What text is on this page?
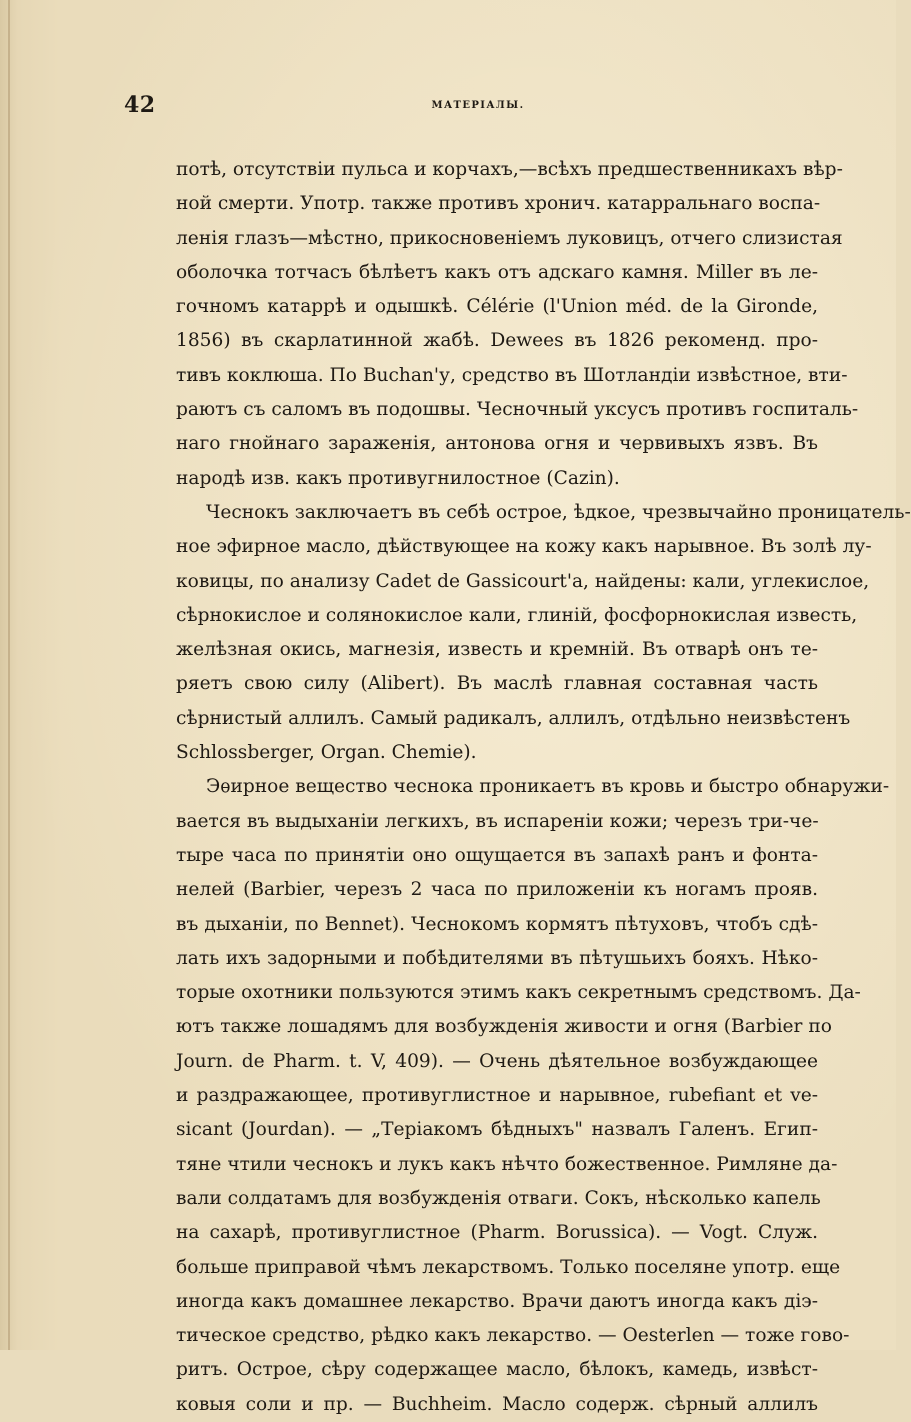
42	МАТЕРІАЛЫ.
потѣ, отсутствіи пульса и корчахъ,—всѣхъ предшественникахъ вѣр-
ной смерти. Употр. также противъ хронич. катарральнаго воспа-
ленія глазъ—мѣстно, прикосновеніемъ луковицъ, отчего слизистая
оболочка тотчасъ бѣлѣетъ какъ отъ адскаго камня. Miller въ ле-
гочномъ катаррѣ и одышкѣ. Célérie (l'Union méd. de la Gironde,
1856) въ скарлатинной жабѣ. Dewees въ 1826 рекоменд. про-
тивъ коклюша. По Buchan'у, средство въ Шотландіи извѣстное, вти-
раютъ съ саломъ въ подошвы. Чесночный уксусъ противъ госпиталь-
наго гнойнаго зараженія, антонова огня и червивыхъ язвъ. Въ
народѣ изв. какъ противугнилостное (Cazin).
Чеснокъ заключаетъ въ себѣ острое, ѣдкое, чрезвычайно проницатель-
ное эфирное масло, дѣйствующее на кожу какъ нарывное. Въ золѣ лу-
ковицы, по анализу Cadet de Gassicourt'а, найдены: кали, углекислое,
сѣрнокислое и солянокислое кали, глиній, фосфорнокислая известь,
желѣзная окись, магнезія, известь и кремній. Въ отварѣ онъ те-
ряетъ свою силу (Alibert). Въ маслѣ главная составная часть
сѣрнистый аллилъ. Самый радикалъ, аллилъ, отдѣльно неизвѣстенъ
Schlossberger, Organ. Chemie).
Эѳирное вещество чеснока проникаетъ въ кровь и быстро обнаружи-
вается въ выдыханіи легкихъ, въ испареніи кожи; черезъ три-че-
тыре часа по принятіи оно ощущается въ запахѣ ранъ и фонта-
нелей (Barbier, черезъ 2 часа по приложеніи къ ногамъ прояв.
въ дыханіи, по Bennet). Чеснокомъ кормятъ пѣтуховъ, чтобъ сдѣ-
лать ихъ задорными и побѣдителями въ пѣтушьихъ бояхъ. Нѣко-
торые охотники пользуются этимъ какъ секретнымъ средствомъ. Да-
ютъ также лошадямъ для возбужденія живости и огня (Barbier по
Journ. de Pharm. t. V, 409). — Очень дѣятельное возбуждающее
и раздражающее, противуглистное и нарывное, rubefiant et ve-
sicant (Jourdan). — „Теріакомъ бѣдныхъ" назвалъ Галенъ. Егип-
тяне чтили чеснокъ и лукъ какъ нѣчто божественное. Римляне да-
вали солдатамъ для возбужденія отваги. Сокъ, нѣсколько капель
на сахарѣ, противуглистное (Pharm. Borussica). — Vogt. Служ.
больше приправой чѣмъ лекарствомъ. Только поселяне употр. еще
иногда какъ домашнее лекарство. Врачи даютъ иногда какъ діэ-
тическое средство, рѣдко какъ лекарство. — Oesterlen — тоже гово-
ритъ. Острое, сѣру содержащее масло, бѣлокъ, камедь, извѣст-
ковыя соли и пр. — Buchheim. Масло содерж. сѣрный аллилъ
